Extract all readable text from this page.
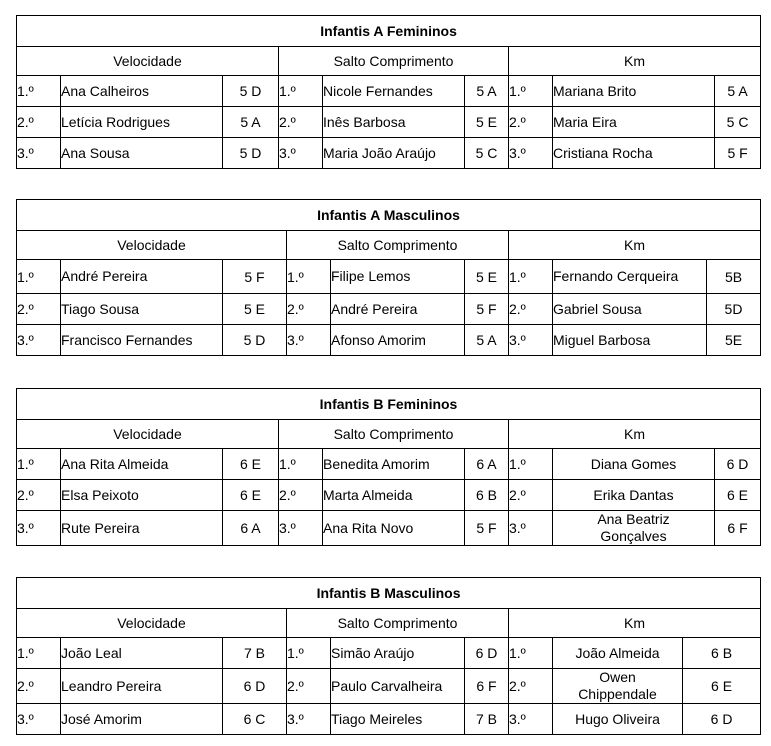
Infantis A Femininos								
Velocidade			Salto Comprimento			Km		
1.º	Ana Calheiros	5 D	1.º	Nicole Fernandes	5 A	1.º	Mariana Brito	5 A
2.º	Letícia Rodrigues	5 A	2.º	Inês Barbosa	5 E	2.º	Maria Eira	5 C
3.º	Ana Sousa	5 D	3.º	Maria João Araújo	5 C	3.º	Cristiana Rocha	5 F
Infantis A Masculinos								
Velocidade			Salto Comprimento			Km		
1.º	André Pereira	5 F	1.º	Filipe Lemos	5 E	1.º	Fernando Cerqueira	5B
2.º	Tiago Sousa	5 E	2.º	André Pereira	5 F	2.º	Gabriel Sousa	5D
3.º	Francisco Fernandes	5 D	3.º	Afonso Amorim	5 A	3.º	Miguel Barbosa	5E
Infantis B Femininos								
Velocidade			Salto Comprimento			Km		
1.º	Ana Rita Almeida	6 E	1.º	Benedita Amorim	6 A	1.º	Diana Gomes	6 D
2.º	Elsa Peixoto	6 E	2.º	Marta Almeida	6 B	2.º	Erika Dantas	6 E
3.º	Rute Pereira	6 A	3.º	Ana Rita Novo	5 F	3.º	Ana Beatriz Gonçalves	6 F
Infantis B Masculinos								
Velocidade			Salto Comprimento			Km		
1.º	João Leal	7 B	1.º	Simão Araújo	6 D	1.º	João Almeida	6 B
2.º	Leandro Pereira	6 D	2.º	Paulo Carvalheira	6 F	2.º	Owen Chippendale	6 E
3.º	José Amorim	6 C	3.º	Tiago Meireles	7 B	3.º	Hugo Oliveira	6 D
